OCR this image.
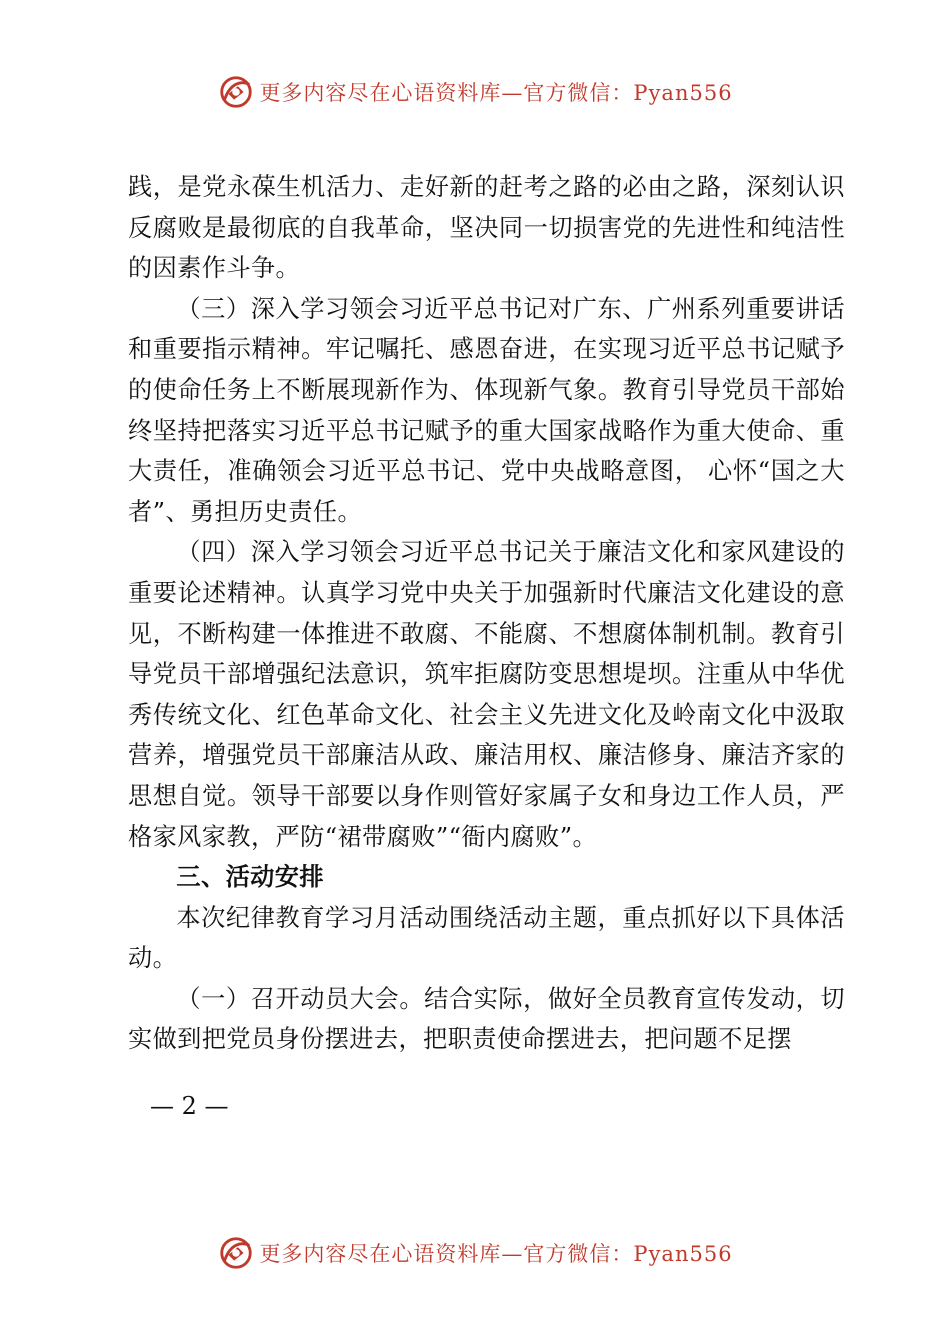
更多内容尽在心语资料库—官方微信：Pyan556

践，是党永葆生机活力、走好新的赶考之路的必由之路，深刻认识反腐败是最彻底的自我革命，坚决同一切损害党的先进性和纯洁性的因素作斗争。

（三）深入学习领会习近平总书记对广东、广州系列重要讲话和重要指示精神。牢记嘱托、感恩奋进，在实现习近平总书记赋予的使命任务上不断展现新作为、体现新气象。教育引导党员干部始终坚持把落实习近平总书记赋予的重大国家战略作为重大使命、重大责任，准确领会习近平总书记、党中央战略意图， 心怀“国之大者”、勇担历史责任。

（四）深入学习领会习近平总书记关于廉洁文化和家风建设的重要论述精神。认真学习党中央关于加强新时代廉洁文化建设的意见，不断构建一体推进不敢腐、不能腐、不想腐体制机制。教育引导党员干部增强纪法意识，筑牢拒腐防变思想堤坝。注重从中华优秀传统文化、红色革命文化、社会主义先进文化及岭南文化中汲取营养，增强党员干部廉洁从政、廉洁用权、廉洁修身、廉洁齐家的思想自觉。领导干部要以身作则管好家属子女和身边工作人员，严格家风家教，严防“裙带腐败”“衙内腐败”。

三、活动安排

本次纪律教育学习月活动围绕活动主题，重点抓好以下具体活动。

（一）召开动员大会。结合实际，做好全员教育宣传发动，切实做到把党员身份摆进去，把职责使命摆进去，把问题不足摆

— 2 —
更多内容尽在心语资料库—官方微信：Pyan556
